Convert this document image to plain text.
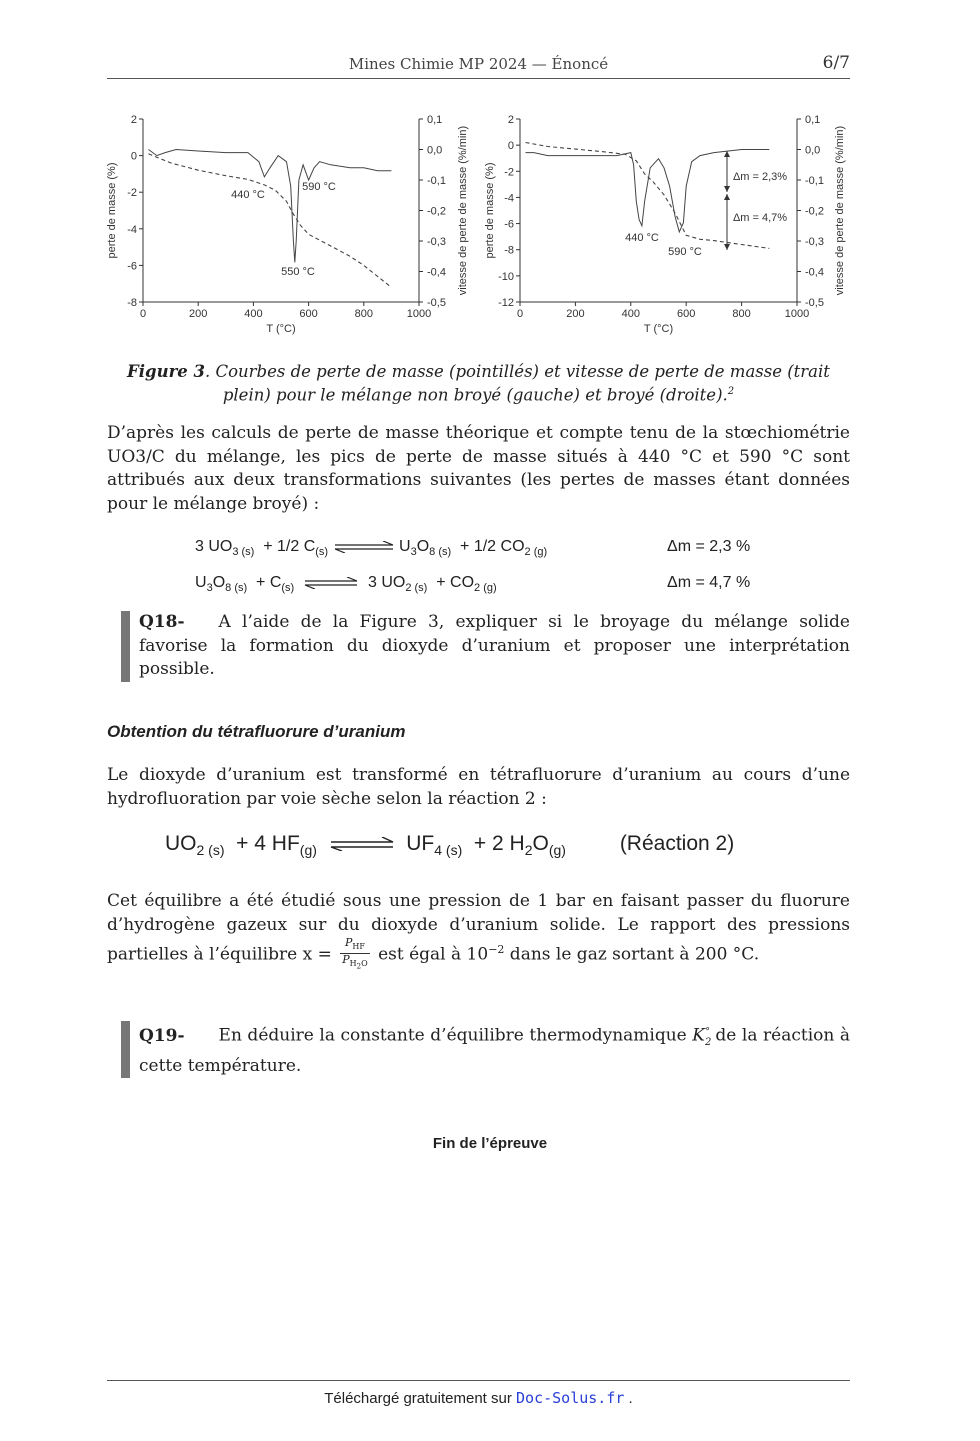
Mines Chimie MP 2024 — Énoncé	6/7
0	200	400	600	800	1000
2
0
-2
-4
-6
-8
0,1
0,0
-0,1
-0,2
-0,3
-0,4
-0,5
T (°C)
perte de masse (%)	vitesse de perte de masse (%/min)
440 °C
590 °C
550 °C
0	200	400	600	800	1000
2
0
-2
-4
-6
-8
-10
-12
0,1
0,0
-0,1
-0,2
-0,3
-0,4
-0,5
T (°C)
perte de masse (%)	vitesse de perte de masse (%/min)
440 °C
590 °C
Δm = 2,3%
Δm = 4,7%
Figure 3. Courbes de perte de masse (pointillés) et vitesse de perte de masse (trait plein) pour le mélange non broyé (gauche) et broyé (droite).$^2$
D’après les calculs de perte de masse théorique et compte tenu de la stœchiométrie UO3/C du mélange, les pics de perte de masse situés à 440 °C et 590 °C sont attribués aux deux transformations suivantes (les pertes de masses étant données pour le mélange broyé) :
3 $UO_{3 (s)} + 1/2$ $C_{(s)}$ ⇌ $U_3O_{8 (s)} + 1/2$ $CO_{2 (g)}$	Δm = 2,3 %
$U_3O_{8 (s)} + C_{(s)}$ ⇌ 3 $UO_{2 (s)} + CO_{2 (g)}$	Δm = 4,7 %
Q18- A l’aide de la Figure 3, expliquer si le broyage du mélange solide favorise la formation du dioxyde d’uranium et proposer une interprétation possible.
Obtention du tétrafluorure d’uranium
Le dioxyde d’uranium est transformé en tétrafluorure d’uranium au cours d’une hydrofluoration par voie sèche selon la réaction 2 :
$UO_{2 (s)} + 4$ $HF_{(g)}$ ⇌ $UF_{4 (s)} + 2$ $H_2O_{(g)}$	(Réaction 2)
Cet équilibre a été étudié sous une pression de 1 bar en faisant passer du fluorure d’hydrogène gazeux sur du dioxyde d’uranium solide. Le rapport des pressions partielles à l’équilibre $x = \frac{P_{HF}}{P_{H_2O}}$ est égal à $10^{-2}$ dans le gaz sortant à 200 °C.
Q19- En déduire la constante d’équilibre thermodynamique $K_2^\circ$ de la réaction à cette température.
Fin de l’épreuve
Téléchargé gratuitement sur Doc-Solus.fr .
